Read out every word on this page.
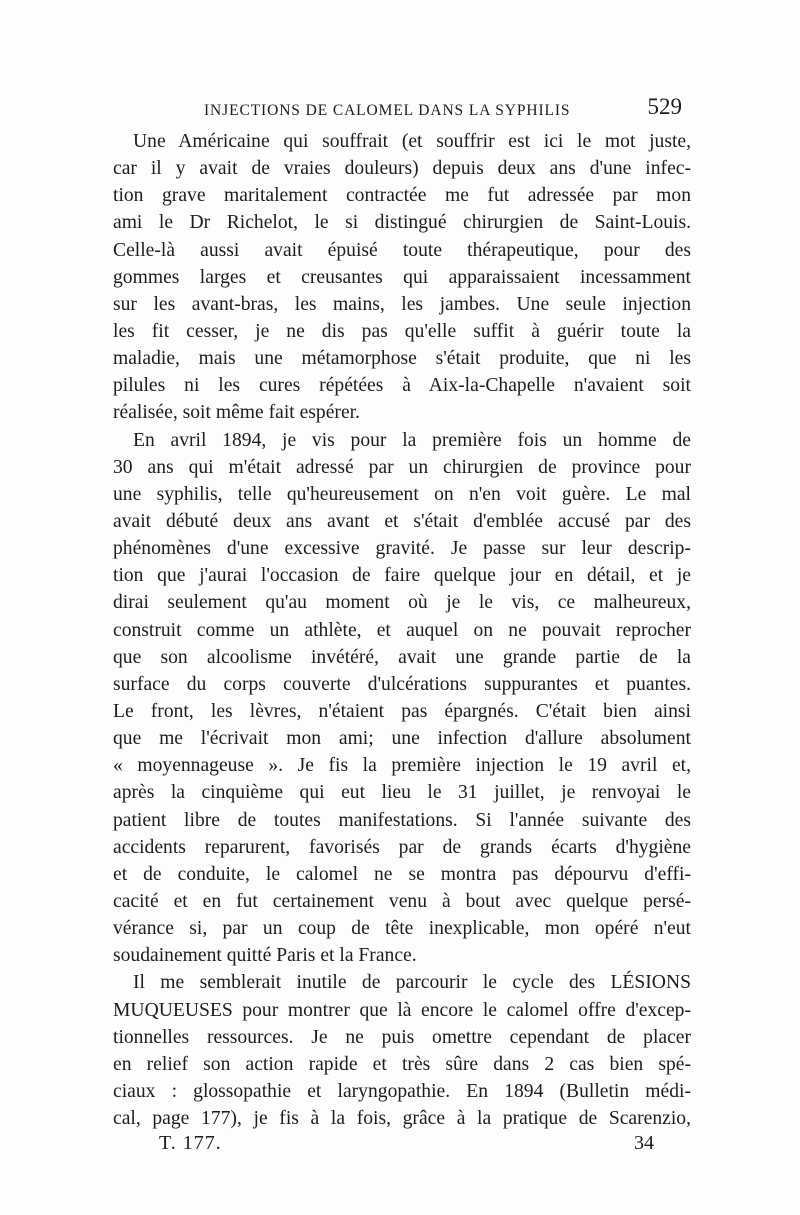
INJECTIONS DE CALOMEL DANS LA SYPHILIS	529
Une Américaine qui souffrait (et souffrir est ici le mot juste,
car il y avait de vraies douleurs) depuis deux ans d'une infec-
tion grave maritalement contractée me fut adressée par mon
ami le Dr Richelot, le si distingué chirurgien de Saint-Louis.
Celle-là aussi avait épuisé toute thérapeutique, pour des
gommes larges et creusantes qui apparaissaient incessamment
sur les avant-bras, les mains, les jambes. Une seule injection
les fit cesser, je ne dis pas qu'elle suffit à guérir toute la
maladie, mais une métamorphose s'était produite, que ni les
pilules ni les cures répétées à Aix-la-Chapelle n'avaient soit
réalisée, soit même fait espérer.
En avril 1894, je vis pour la première fois un homme de
30 ans qui m'était adressé par un chirurgien de province pour
une syphilis, telle qu'heureusement on n'en voit guère. Le mal
avait débuté deux ans avant et s'était d'emblée accusé par des
phénomènes d'une excessive gravité. Je passe sur leur descrip-
tion que j'aurai l'occasion de faire quelque jour en détail, et je
dirai seulement qu'au moment où je le vis, ce malheureux,
construit comme un athlète, et auquel on ne pouvait reprocher
que son alcoolisme invétéré, avait une grande partie de la
surface du corps couverte d'ulcérations suppurantes et puantes.
Le front, les lèvres, n'étaient pas épargnés. C'était bien ainsi
que me l'écrivait mon ami; une infection d'allure absolument
« moyennageuse ». Je fis la première injection le 19 avril et,
après la cinquième qui eut lieu le 31 juillet, je renvoyai le
patient libre de toutes manifestations. Si l'année suivante des
accidents reparurent, favorisés par de grands écarts d'hygiène
et de conduite, le calomel ne se montra pas dépourvu d'effi-
cacité et en fut certainement venu à bout avec quelque persé-
vérance si, par un coup de tête inexplicable, mon opéré n'eut
soudainement quitté Paris et la France.
Il me semblerait inutile de parcourir le cycle des LÉSIONS
MUQUEUSES pour montrer que là encore le calomel offre d'excep-
tionnelles ressources. Je ne puis omettre cependant de placer
en relief son action rapide et très sûre dans 2 cas bien spé-
ciaux : glossopathie et laryngopathie. En 1894 (Bulletin médi-
cal, page 177), je fis à la fois, grâce à la pratique de Scarenzio,
T. 177.	34
